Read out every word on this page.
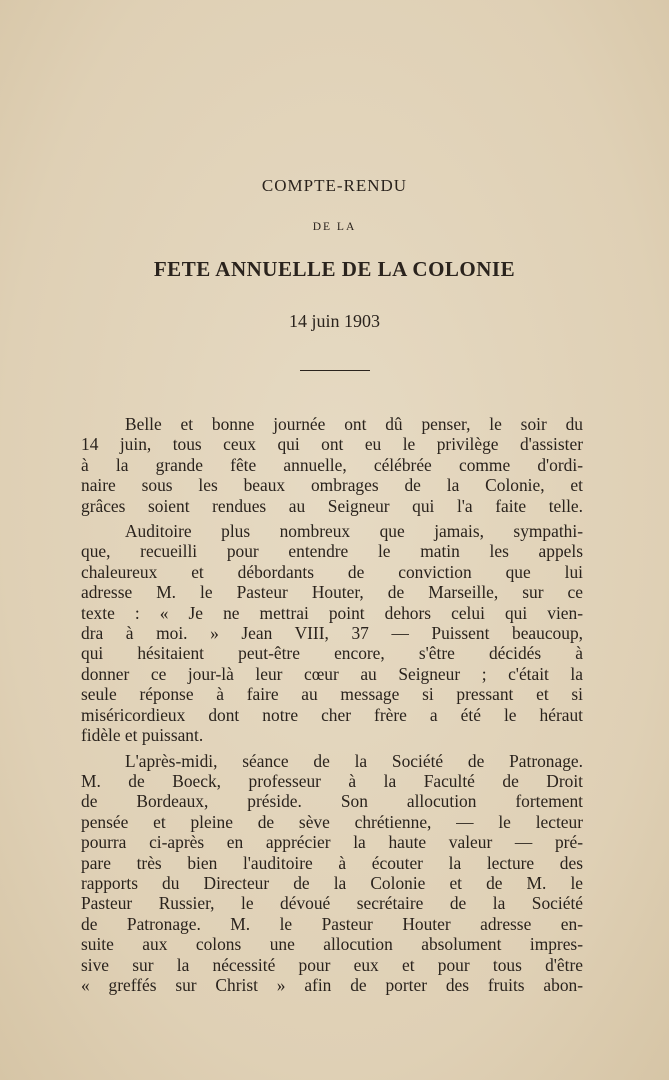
COMPTE-RENDU
DE LA
FETE ANNUELLE DE LA COLONIE
14 juin 1903

Belle et bonne journée ont dû penser, le soir du
14 juin, tous ceux qui ont eu le privilège d'assister
à la grande fête annuelle, célébrée comme d'ordi-
naire sous les beaux ombrages de la Colonie, et
grâces soient rendues au Seigneur qui l'a faite telle.

Auditoire plus nombreux que jamais, sympathi-
que, recueilli pour entendre le matin les appels
chaleureux et débordants de conviction que lui
adresse M. le Pasteur Houter, de Marseille, sur ce
texte : « Je ne mettrai point dehors celui qui vien-
dra à moi. » Jean VIII, 37 — Puissent beaucoup,
qui hésitaient peut-être encore, s'être décidés à
donner ce jour-là leur cœur au Seigneur ; c'était la
seule réponse à faire au message si pressant et si
miséricordieux dont notre cher frère a été le héraut
fidèle et puissant.

L'après-midi, séance de la Société de Patronage.
M. de Boeck, professeur à la Faculté de Droit
de Bordeaux, préside. Son allocution fortement
pensée et pleine de sève chrétienne, — le lecteur
pourra ci-après en apprécier la haute valeur — pré-
pare très bien l'auditoire à écouter la lecture des
rapports du Directeur de la Colonie et de M. le
Pasteur Russier, le dévoué secrétaire de la Société
de Patronage. M. le Pasteur Houter adresse en-
suite aux colons une allocution absolument impres-
sive sur la nécessité pour eux et pour tous d'être
« greffés sur Christ » afin de porter des fruits abon-
